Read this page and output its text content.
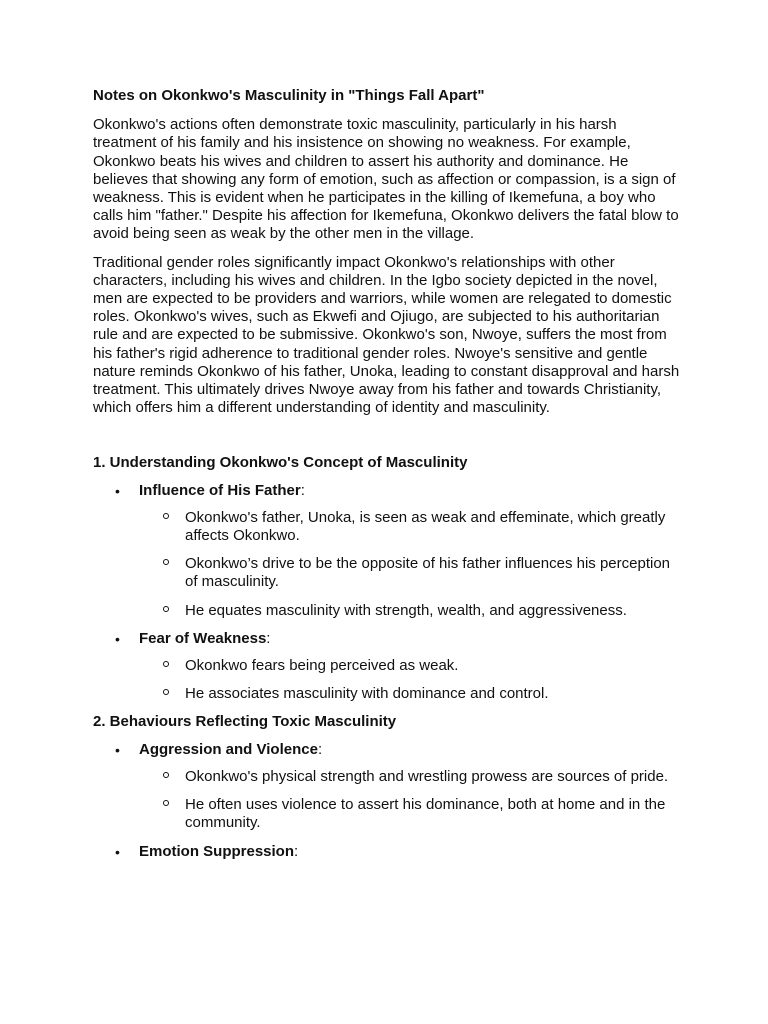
Notes on Okonkwo's Masculinity in "Things Fall Apart"

Okonkwo's actions often demonstrate toxic masculinity, particularly in his harsh treatment of his family and his insistence on showing no weakness. For example, Okonkwo beats his wives and children to assert his authority and dominance. He believes that showing any form of emotion, such as affection or compassion, is a sign of weakness. This is evident when he participates in the killing of Ikemefuna, a boy who calls him "father." Despite his affection for Ikemefuna, Okonkwo delivers the fatal blow to avoid being seen as weak by the other men in the village.

Traditional gender roles significantly impact Okonkwo's relationships with other characters, including his wives and children. In the Igbo society depicted in the novel, men are expected to be providers and warriors, while women are relegated to domestic roles. Okonkwo's wives, such as Ekwefi and Ojiugo, are subjected to his authoritarian rule and are expected to be submissive. Okonkwo's son, Nwoye, suffers the most from his father's rigid adherence to traditional gender roles. Nwoye's sensitive and gentle nature reminds Okonkwo of his father, Unoka, leading to constant disapproval and harsh treatment. This ultimately drives Nwoye away from his father and towards Christianity, which offers him a different understanding of identity and masculinity.

1. Understanding Okonkwo's Concept of Masculinity
• Influence of His Father:
Okonkwo's father, Unoka, is seen as weak and effeminate, which greatly affects Okonkwo.
Okonkwo’s drive to be the opposite of his father influences his perception of masculinity.
He equates masculinity with strength, wealth, and aggressiveness.
• Fear of Weakness:
Okonkwo fears being perceived as weak.
He associates masculinity with dominance and control.
2. Behaviours Reflecting Toxic Masculinity
• Aggression and Violence:
Okonkwo's physical strength and wrestling prowess are sources of pride.
He often uses violence to assert his dominance, both at home and in the community.
• Emotion Suppression:
